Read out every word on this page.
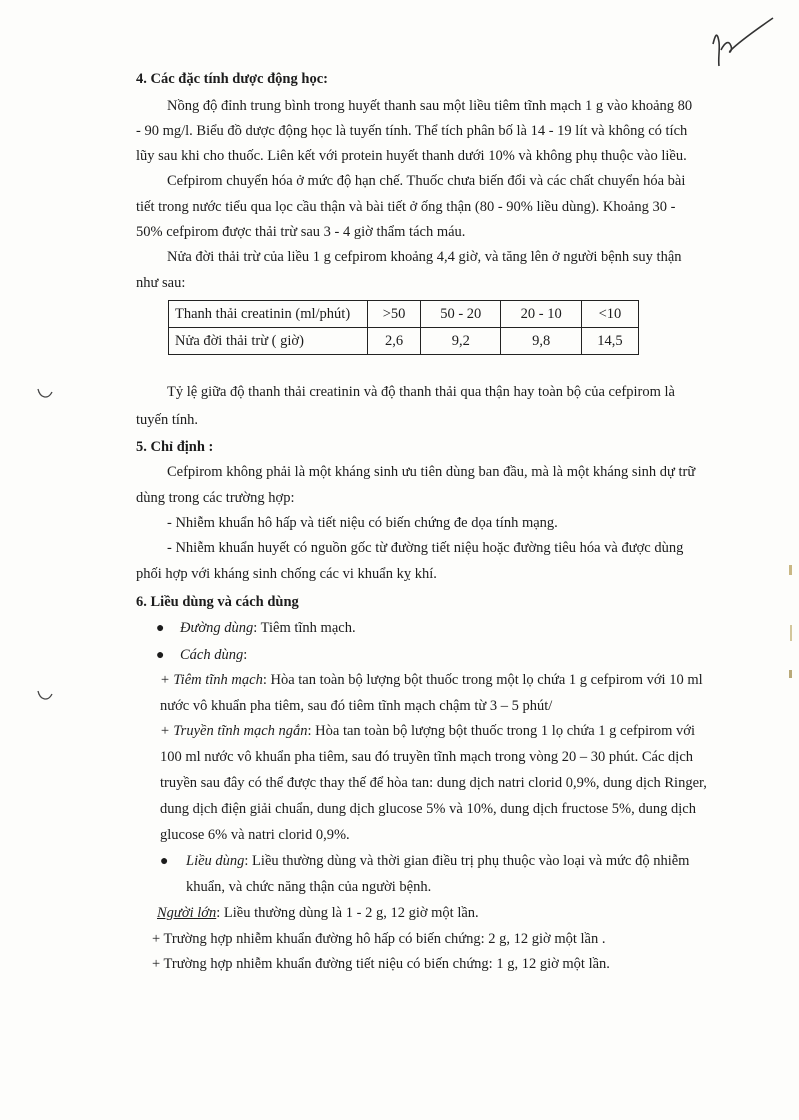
4. Các đặc tính dược động học:
Nồng độ đỉnh trung bình trong huyết thanh sau một liều tiêm tĩnh mạch 1 g vào khoảng 80
- 90 mg/l. Biểu đồ dược động học là tuyến tính. Thể tích phân bố là 14 - 19 lít và không có tích
lũy sau khi cho thuốc. Liên kết với protein huyết thanh dưới 10% và không phụ thuộc vào liều.
Cefpirom chuyển hóa ở mức độ hạn chế. Thuốc chưa biến đổi và các chất chuyển hóa bài
tiết trong nước tiểu qua lọc cầu thận và bài tiết ở ống thận (80 - 90% liều dùng). Khoảng 30 -
50% cefpirom được thải trừ sau 3 - 4 giờ thẩm tách máu.
Nửa đời thải trừ của liều 1 g cefpirom khoảng 4,4 giờ, và tăng lên ở người bệnh suy thận
như sau:
Thanh thải creatinin (ml/phút)	>50	50 - 20	20 - 10	<10
Nửa đời thải trừ ( giờ)	2,6	9,2	9,8	14,5
Tỷ lệ giữa độ thanh thải creatinin và độ thanh thải qua thận hay toàn bộ của cefpirom là
tuyến tính.
5. Chỉ định :
Cefpirom không phải là một kháng sinh ưu tiên dùng ban đầu, mà là một kháng sinh dự trữ
dùng trong các trường hợp:
- Nhiễm khuẩn hô hấp và tiết niệu có biến chứng đe dọa tính mạng.
- Nhiễm khuẩn huyết có nguồn gốc từ đường tiết niệu hoặc đường tiêu hóa và được dùng
phối hợp với kháng sinh chống các vi khuẩn kỵ khí.
6. Liều dùng và cách dùng
● Đường dùng: Tiêm tĩnh mạch.
● Cách dùng:
+ Tiêm tĩnh mạch: Hòa tan toàn bộ lượng bột thuốc trong một lọ chứa 1 g cefpirom với 10 ml
nước vô khuẩn pha tiêm, sau đó tiêm tĩnh mạch chậm từ 3 – 5 phút/
+ Truyền tĩnh mạch ngắn: Hòa tan toàn bộ lượng bột thuốc trong 1 lọ chứa 1 g cefpirom với
100 ml nước vô khuẩn pha tiêm, sau đó truyền tĩnh mạch trong vòng 20 – 30 phút. Các dịch
truyền sau đây có thể được thay thế để hòa tan: dung dịch natri clorid 0,9%, dung dịch Ringer,
dung dịch điện giải chuẩn, dung dịch glucose 5% và 10%, dung dịch fructose 5%, dung dịch
glucose 6% và natri clorid 0,9%.
● Liều dùng: Liều thường dùng và thời gian điều trị phụ thuộc vào loại và mức độ nhiễm
khuẩn, và chức năng thận của người bệnh.
Người lớn: Liều thường dùng là 1 - 2 g, 12 giờ một lần.
+ Trường hợp nhiễm khuẩn đường hô hấp có biến chứng: 2 g, 12 giờ một lần .
+ Trường hợp nhiễm khuẩn đường tiết niệu có biến chứng: 1 g, 12 giờ một lần.
